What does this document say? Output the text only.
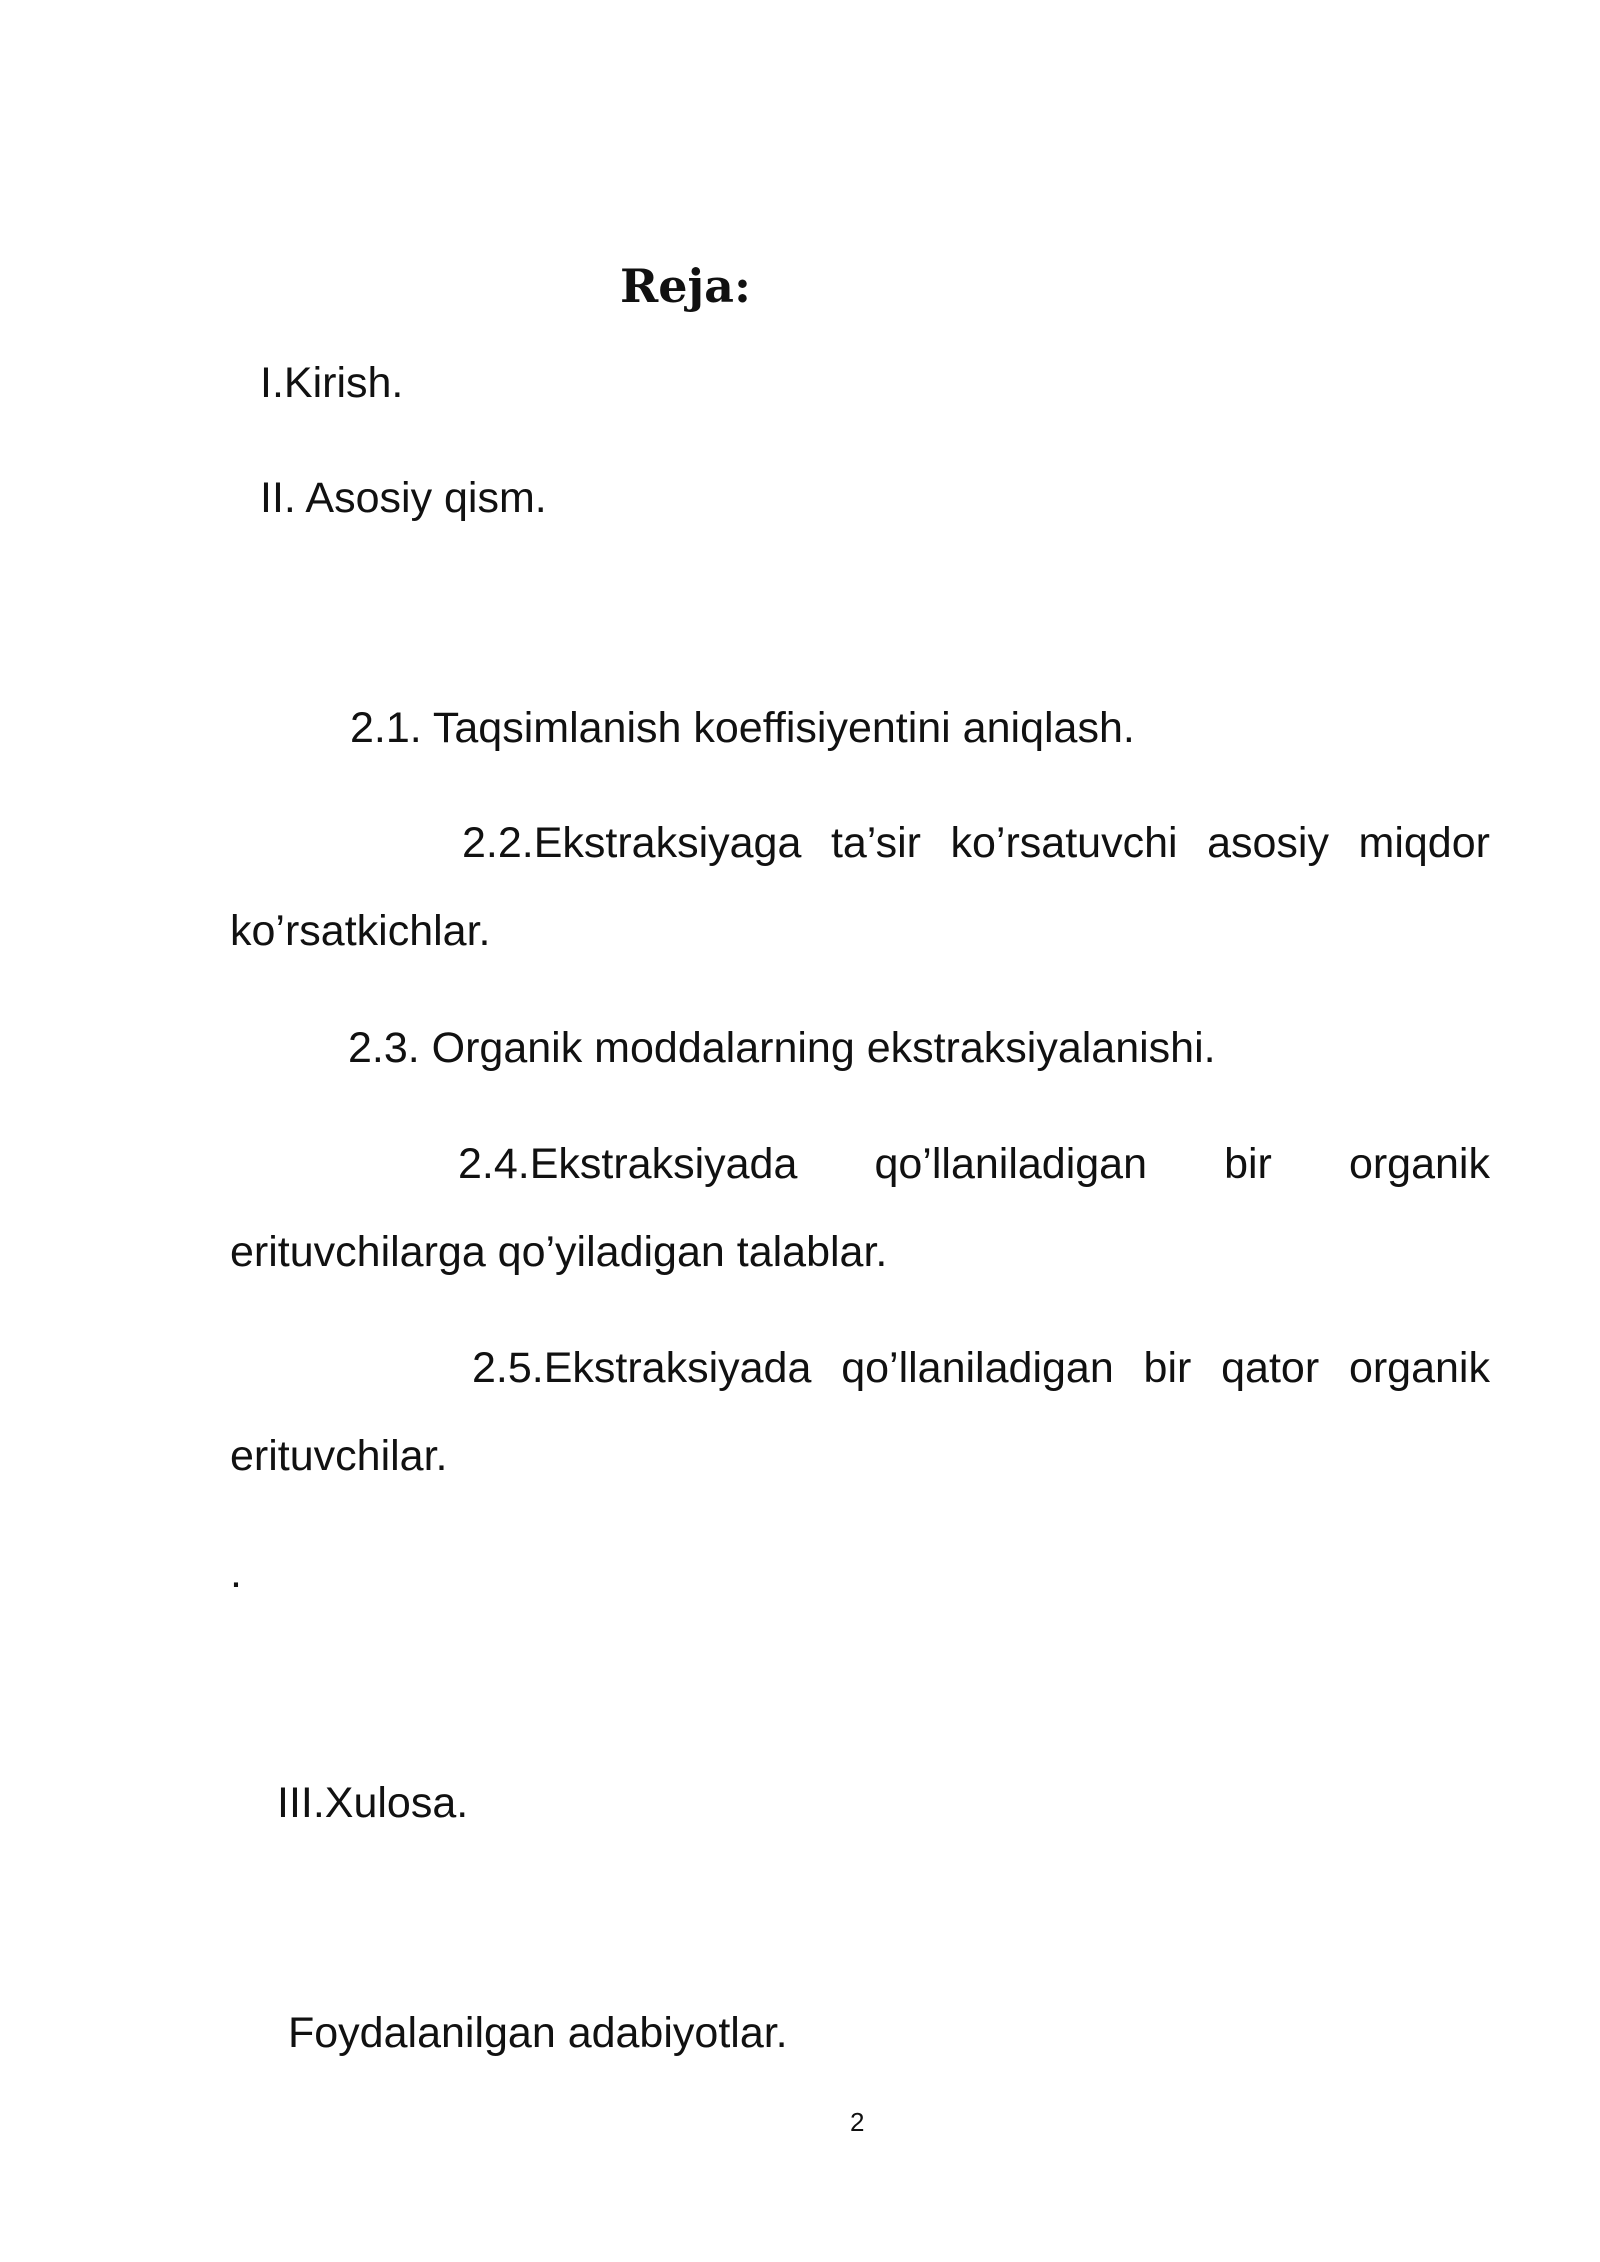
Reja:
I.Kirish.
II. Asosiy qism.
2.1. Taqsimlanish koeffisiyentini aniqlash.
2.2.Ekstraksiyaga ta’sir ko’rsatuvchi asosiy miqdor
ko’rsatkichlar.
2.3. Organik moddalarning ekstraksiyalanishi.
2.4.Ekstraksiyada qo’llaniladigan bir organik
erituvchilarga qo’yiladigan talablar.
2.5.Ekstraksiyada qo’llaniladigan bir qator organik
erituvchilar.
.
III.Xulosa.
Foydalanilgan adabiyotlar.
2
